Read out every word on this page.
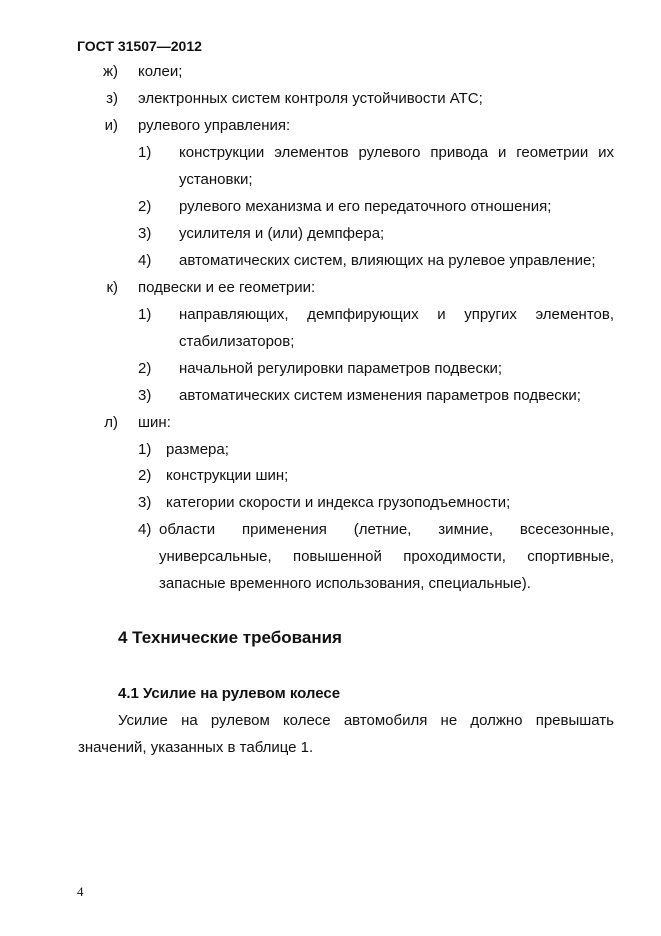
ГОСТ 31507—2012
ж) колеи;
з) электронных систем контроля устойчивости АТС;
и) рулевого управления:
1) конструкции элементов рулевого привода и геометрии их
установки;
2) рулевого механизма и его передаточного отношения;
3) усилителя и (или) демпфера;
4) автоматических систем, влияющих на рулевое управление;
к) подвески и ее геометрии:
1) направляющих, демпфирующих и упругих элементов,
стабилизаторов;
2) начальной регулировки параметров подвески;
3) автоматических систем изменения параметров подвески;
л) шин:
1) размера;
2) конструкции шин;
3) категории скорости и индекса грузоподъемности;
4) области применения (летние, зимние, всесезонные,
универсальные, повышенной проходимости, спортивные,
запасные временного использования, специальные).
4 Технические требования
4.1 Усилие на рулевом колесе
Усилие на рулевом колесе автомобиля не должно превышать
значений, указанных в таблице 1.
4
